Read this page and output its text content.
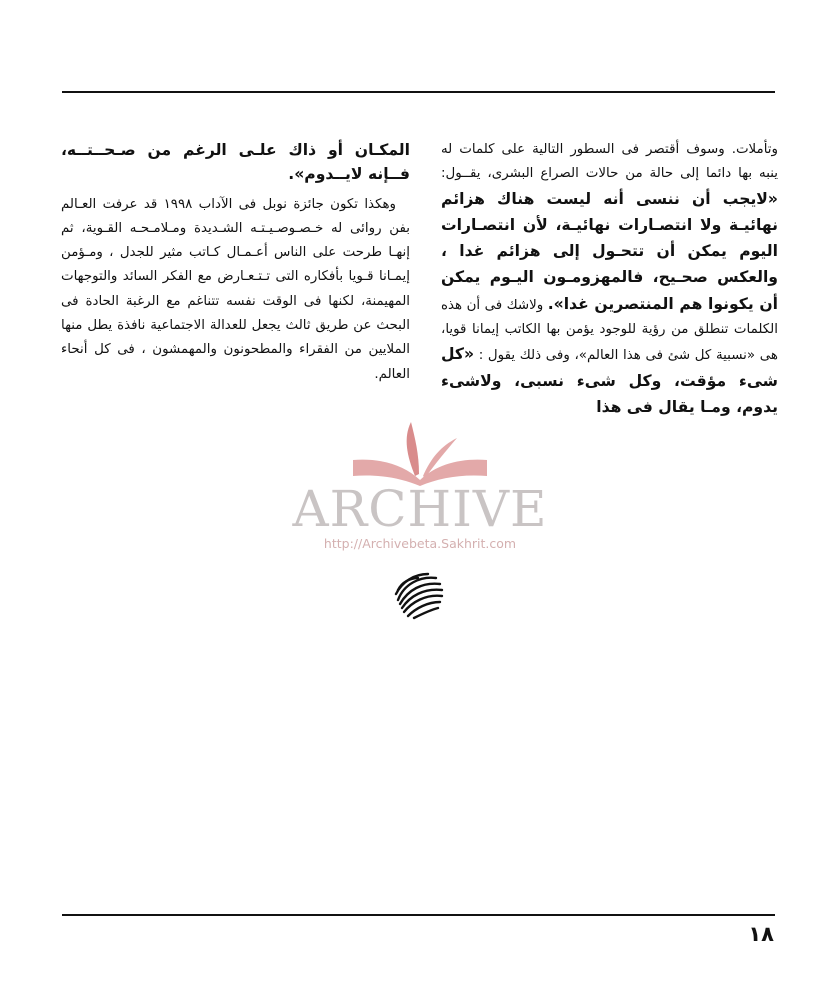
وتأملات. وسوف أقتصر فى السطور التالية على كلمات له ينبه بها دائما إلى حالة من حالات الصراع البشرى، يقــول: «لايجب أن ننسى أنه ليست هناك هزائم نهائيـة ولا انتصـارات نهائيـة، لأن انتصـارات اليوم يمكن أن تتحـول إلى هزائم غدا ، والعكس صحـيح، فالمهزومـون اليـوم يمكن أن يكونوا هم المنتصرين غدا». ولاشك فى أن هذه الكلمات تنطلق من رؤية للوجود يؤمن بها الكاتب إيمانا قويا، هى «نسبية كل شئ فى هذا العالم»، وفى ذلك يقول : «كل شىء مؤقت، وكل شىء نسبى، ولاشىء يدوم، ومـا يقال فى هذا

المكـان أو ذاك علـى الرغم من صـحــتــه، فــإنه لايــدوم».

وهكذا تكون جائزة نوبل فى الآداب ١٩٩٨ قد عرفت العـالم بفن روائى له خـصـوصـيـتـه الشـديدة ومـلامـحـه القـوية، ثم إنهـا طرحت على الناس أعـمـال كـاتب مثير للجدل ، ومـؤمن إيمـانا قـويا بأفكاره التى تـتـعـارض مع الفكر السائد والتوجهات المهيمنة، لكنها فى الوقت نفسه تتناغم مع الرغبة الحادة فى البحث عن طريق ثالث يجعل للعدالة الاجتماعية نافذة يطل منها الملايين من الفقراء والمطحونون والمهمشون ، فى كل أنحاء العالم.

ARCHIVE
http://Archivebeta.Sakhrit.com
١٨
